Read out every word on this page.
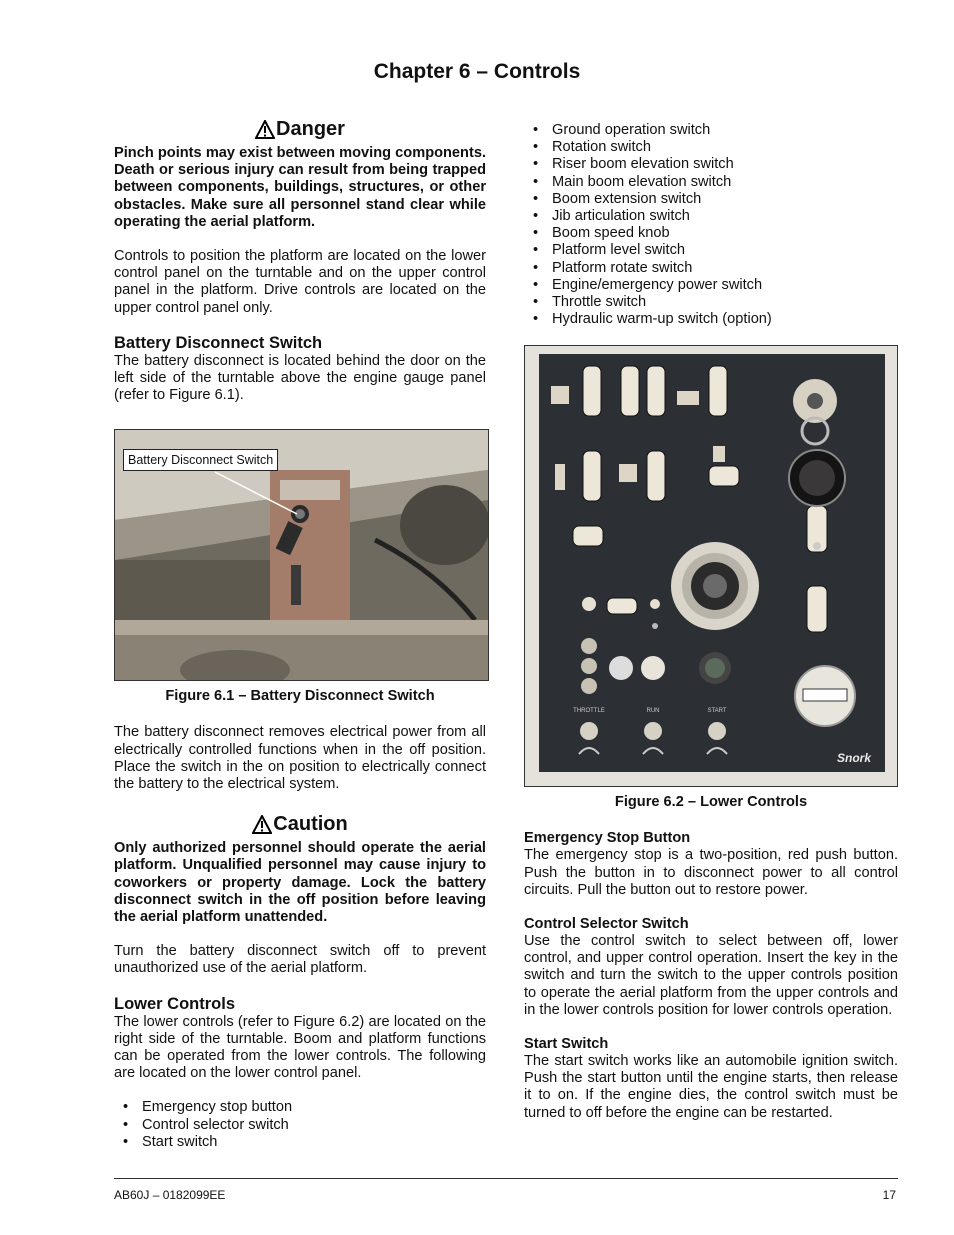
Chapter 6 – Controls
Danger

Pinch points may exist between moving components. Death or serious injury can result from being trapped between components, buildings, structures, or other obstacles. Make sure all personnel stand clear while operating the aerial platform.

Controls to position the platform are located on the lower control panel on the turntable and on the upper control panel in the platform. Drive controls are located on the upper control panel only.

Battery Disconnect Switch

The battery disconnect is located behind the door on the left side of the turntable above the engine gauge panel (refer to Figure 6.1).

Battery Disconnect Switch
Figure 6.1 – Battery Disconnect Switch

The battery disconnect removes electrical power from all electrically controlled functions when in the off position. Place the switch in the on position to electrically connect the battery to the electrical system.

Caution

Only authorized personnel should operate the aerial platform. Unqualified personnel may cause injury to coworkers or property damage. Lock the battery disconnect switch in the off position before leaving the aerial platform unattended.

Turn the battery disconnect switch off to prevent unauthorized use of the aerial platform.

Lower Controls

The lower controls (refer to Figure 6.2) are located on the right side of the turntable. Boom and platform functions can be operated from the lower controls. The following are located on the lower control panel.

• Emergency stop button
• Control selector switch
• Start switch
• Ground operation switch
• Rotation switch
• Riser boom elevation switch
• Main boom elevation switch
• Boom extension switch
• Jib articulation switch
• Boom speed knob
• Platform level switch
• Platform rotate switch
• Engine/emergency power switch
• Throttle switch
• Hydraulic warm-up switch (option)
THROTTLE	RUN	START
Snork
Figure 6.2 – Lower Controls
Emergency Stop Button

The emergency stop is a two-position, red push button. Push the button in to disconnect power to all control circuits. Pull the button out to restore power.

Control Selector Switch

Use the control switch to select between off, lower control, and upper control operation. Insert the key in the switch and turn the switch to the upper controls position to operate the aerial platform from the upper controls and in the lower controls position for lower controls operation.

Start Switch

The start switch works like an automobile ignition switch. Push the start button until the engine starts, then release it to on. If the engine dies, the control switch must be turned to off before the engine can be restarted.

AB60J – 0182099EE	17
